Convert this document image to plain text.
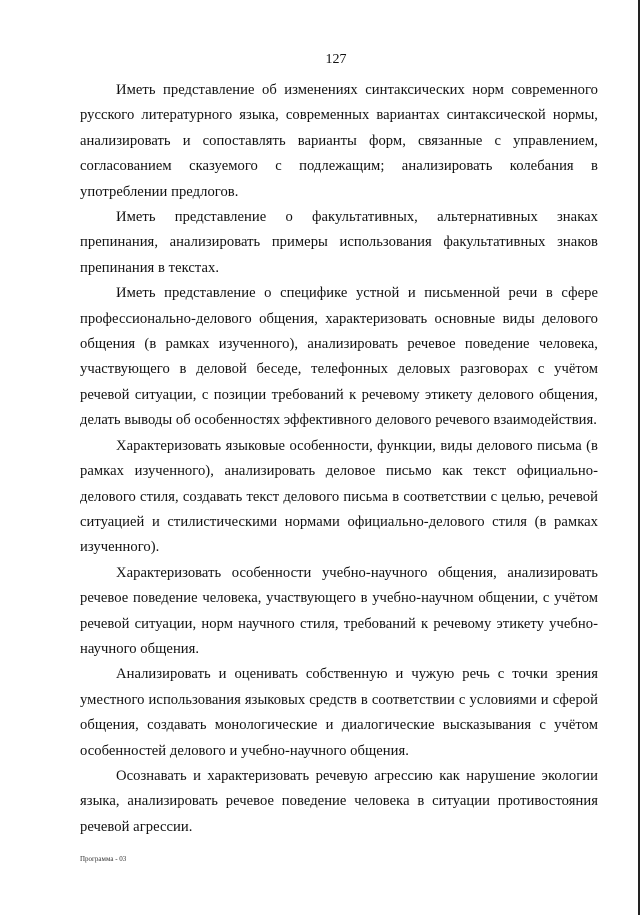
127

Иметь представление об изменениях синтаксических норм современного русского литературного языка, современных вариантах синтаксической нормы, анализировать и сопоставлять варианты форм, связанные с управлением, согласованием сказуемого с подлежащим; анализировать колебания в употреблении предлогов.

Иметь представление о факультативных, альтернативных знаках препинания, анализировать примеры использования факультативных знаков препинания в текстах.

Иметь представление о специфике устной и письменной речи в сфере профессионально-делового общения, характеризовать основные виды делового общения (в рамках изученного), анализировать речевое поведение человека, участвующего в деловой беседе, телефонных деловых разговорах с учётом речевой ситуации, с позиции требований к речевому этикету делового общения, делать выводы об особенностях эффективного делового речевого взаимодействия.

Характеризовать языковые особенности, функции, виды делового письма (в рамках изученного), анализировать деловое письмо как текст официально-делового стиля, создавать текст делового письма в соответствии с целью, речевой ситуацией и стилистическими нормами официально-делового стиля (в рамках изученного).

Характеризовать особенности учебно-научного общения, анализировать речевое поведение человека, участвующего в учебно-научном общении, с учётом речевой ситуации, норм научного стиля, требований к речевому этикету учебно-научного общения.

Анализировать и оценивать собственную и чужую речь с точки зрения уместного использования языковых средств в соответствии с условиями и сферой общения, создавать монологические и диалогические высказывания с учётом особенностей делового и учебно-научного общения.

Осознавать и характеризовать речевую агрессию как нарушение экологии языка, анализировать речевое поведение человека в ситуации противостояния речевой агрессии.

Программа - 03
